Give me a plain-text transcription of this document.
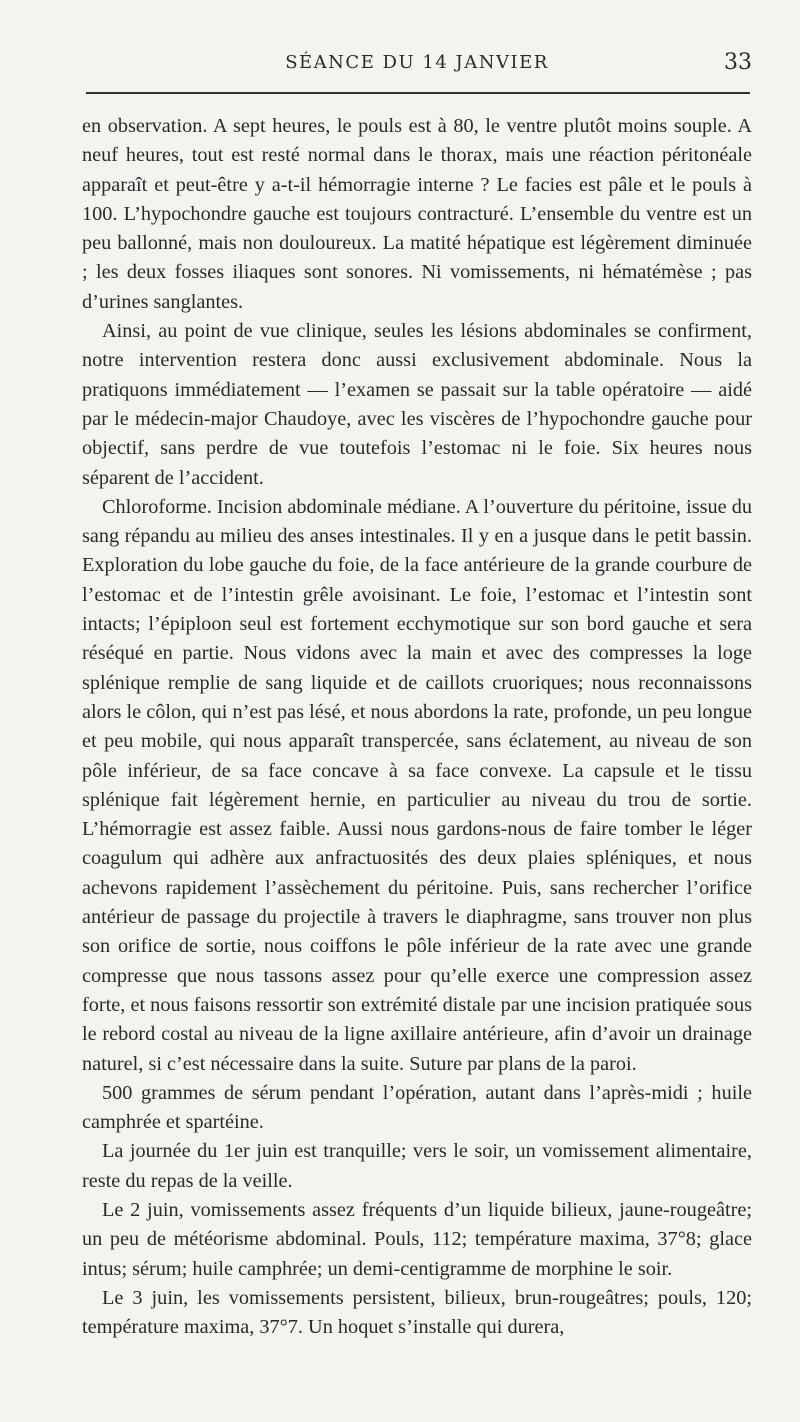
SÉANCE DU 14 JANVIER	33

en observation. A sept heures, le pouls est à 80, le ventre plutôt moins souple. A neuf heures, tout est resté normal dans le thorax, mais une réaction péritonéale apparaît et peut-être y a-t-il hémorragie interne ? Le facies est pâle et le pouls à 100. L’hypochondre gauche est toujours contracturé. L’ensemble du ventre est un peu ballonné, mais non douloureux. La matité hépatique est légèrement diminuée ; les deux fosses iliaques sont sonores. Ni vomissements, ni hématémèse ; pas d’urines sanglantes.

Ainsi, au point de vue clinique, seules les lésions abdominales se confirment, notre intervention restera donc aussi exclusivement abdominale. Nous la pratiquons immédiatement — l’examen se passait sur la table opératoire — aidé par le médecin-major Chaudoye, avec les viscères de l’hypochondre gauche pour objectif, sans perdre de vue toutefois l’estomac ni le foie. Six heures nous séparent de l’accident.

Chloroforme. Incision abdominale médiane. A l’ouverture du péritoine, issue du sang répandu au milieu des anses intestinales. Il y en a jusque dans le petit bassin. Exploration du lobe gauche du foie, de la face antérieure de la grande courbure de l’estomac et de l’intestin grêle avoisinant. Le foie, l’estomac et l’intestin sont intacts; l’épiploon seul est fortement ecchymotique sur son bord gauche et sera réséqué en partie. Nous vidons avec la main et avec des compresses la loge splénique remplie de sang liquide et de caillots cruoriques; nous reconnaissons alors le côlon, qui n’est pas lésé, et nous abordons la rate, profonde, un peu longue et peu mobile, qui nous apparaît transpercée, sans éclatement, au niveau de son pôle inférieur, de sa face concave à sa face convexe. La capsule et le tissu splénique fait légèrement hernie, en particulier au niveau du trou de sortie. L’hémorragie est assez faible. Aussi nous gardons-nous de faire tomber le léger coagulum qui adhère aux anfractuosités des deux plaies spléniques, et nous achevons rapidement l’assèchement du péritoine. Puis, sans rechercher l’orifice antérieur de passage du projectile à travers le diaphragme, sans trouver non plus son orifice de sortie, nous coiffons le pôle inférieur de la rate avec une grande compresse que nous tassons assez pour qu’elle exerce une compression assez forte, et nous faisons ressortir son extrémité distale par une incision pratiquée sous le rebord costal au niveau de la ligne axillaire antérieure, afin d’avoir un drainage naturel, si c’est nécessaire dans la suite. Suture par plans de la paroi.

500 grammes de sérum pendant l’opération, autant dans l’après-midi ; huile camphrée et spartéine.

La journée du 1er juin est tranquille; vers le soir, un vomissement alimentaire, reste du repas de la veille.

Le 2 juin, vomissements assez fréquents d’un liquide bilieux, jaune-rougeâtre; un peu de météorisme abdominal. Pouls, 112; température maxima, 37°8; glace intus; sérum; huile camphrée; un demi-centigramme de morphine le soir.

Le 3 juin, les vomissements persistent, bilieux, brun-rougeâtres; pouls, 120; température maxima, 37°7. Un hoquet s’installe qui durera,
